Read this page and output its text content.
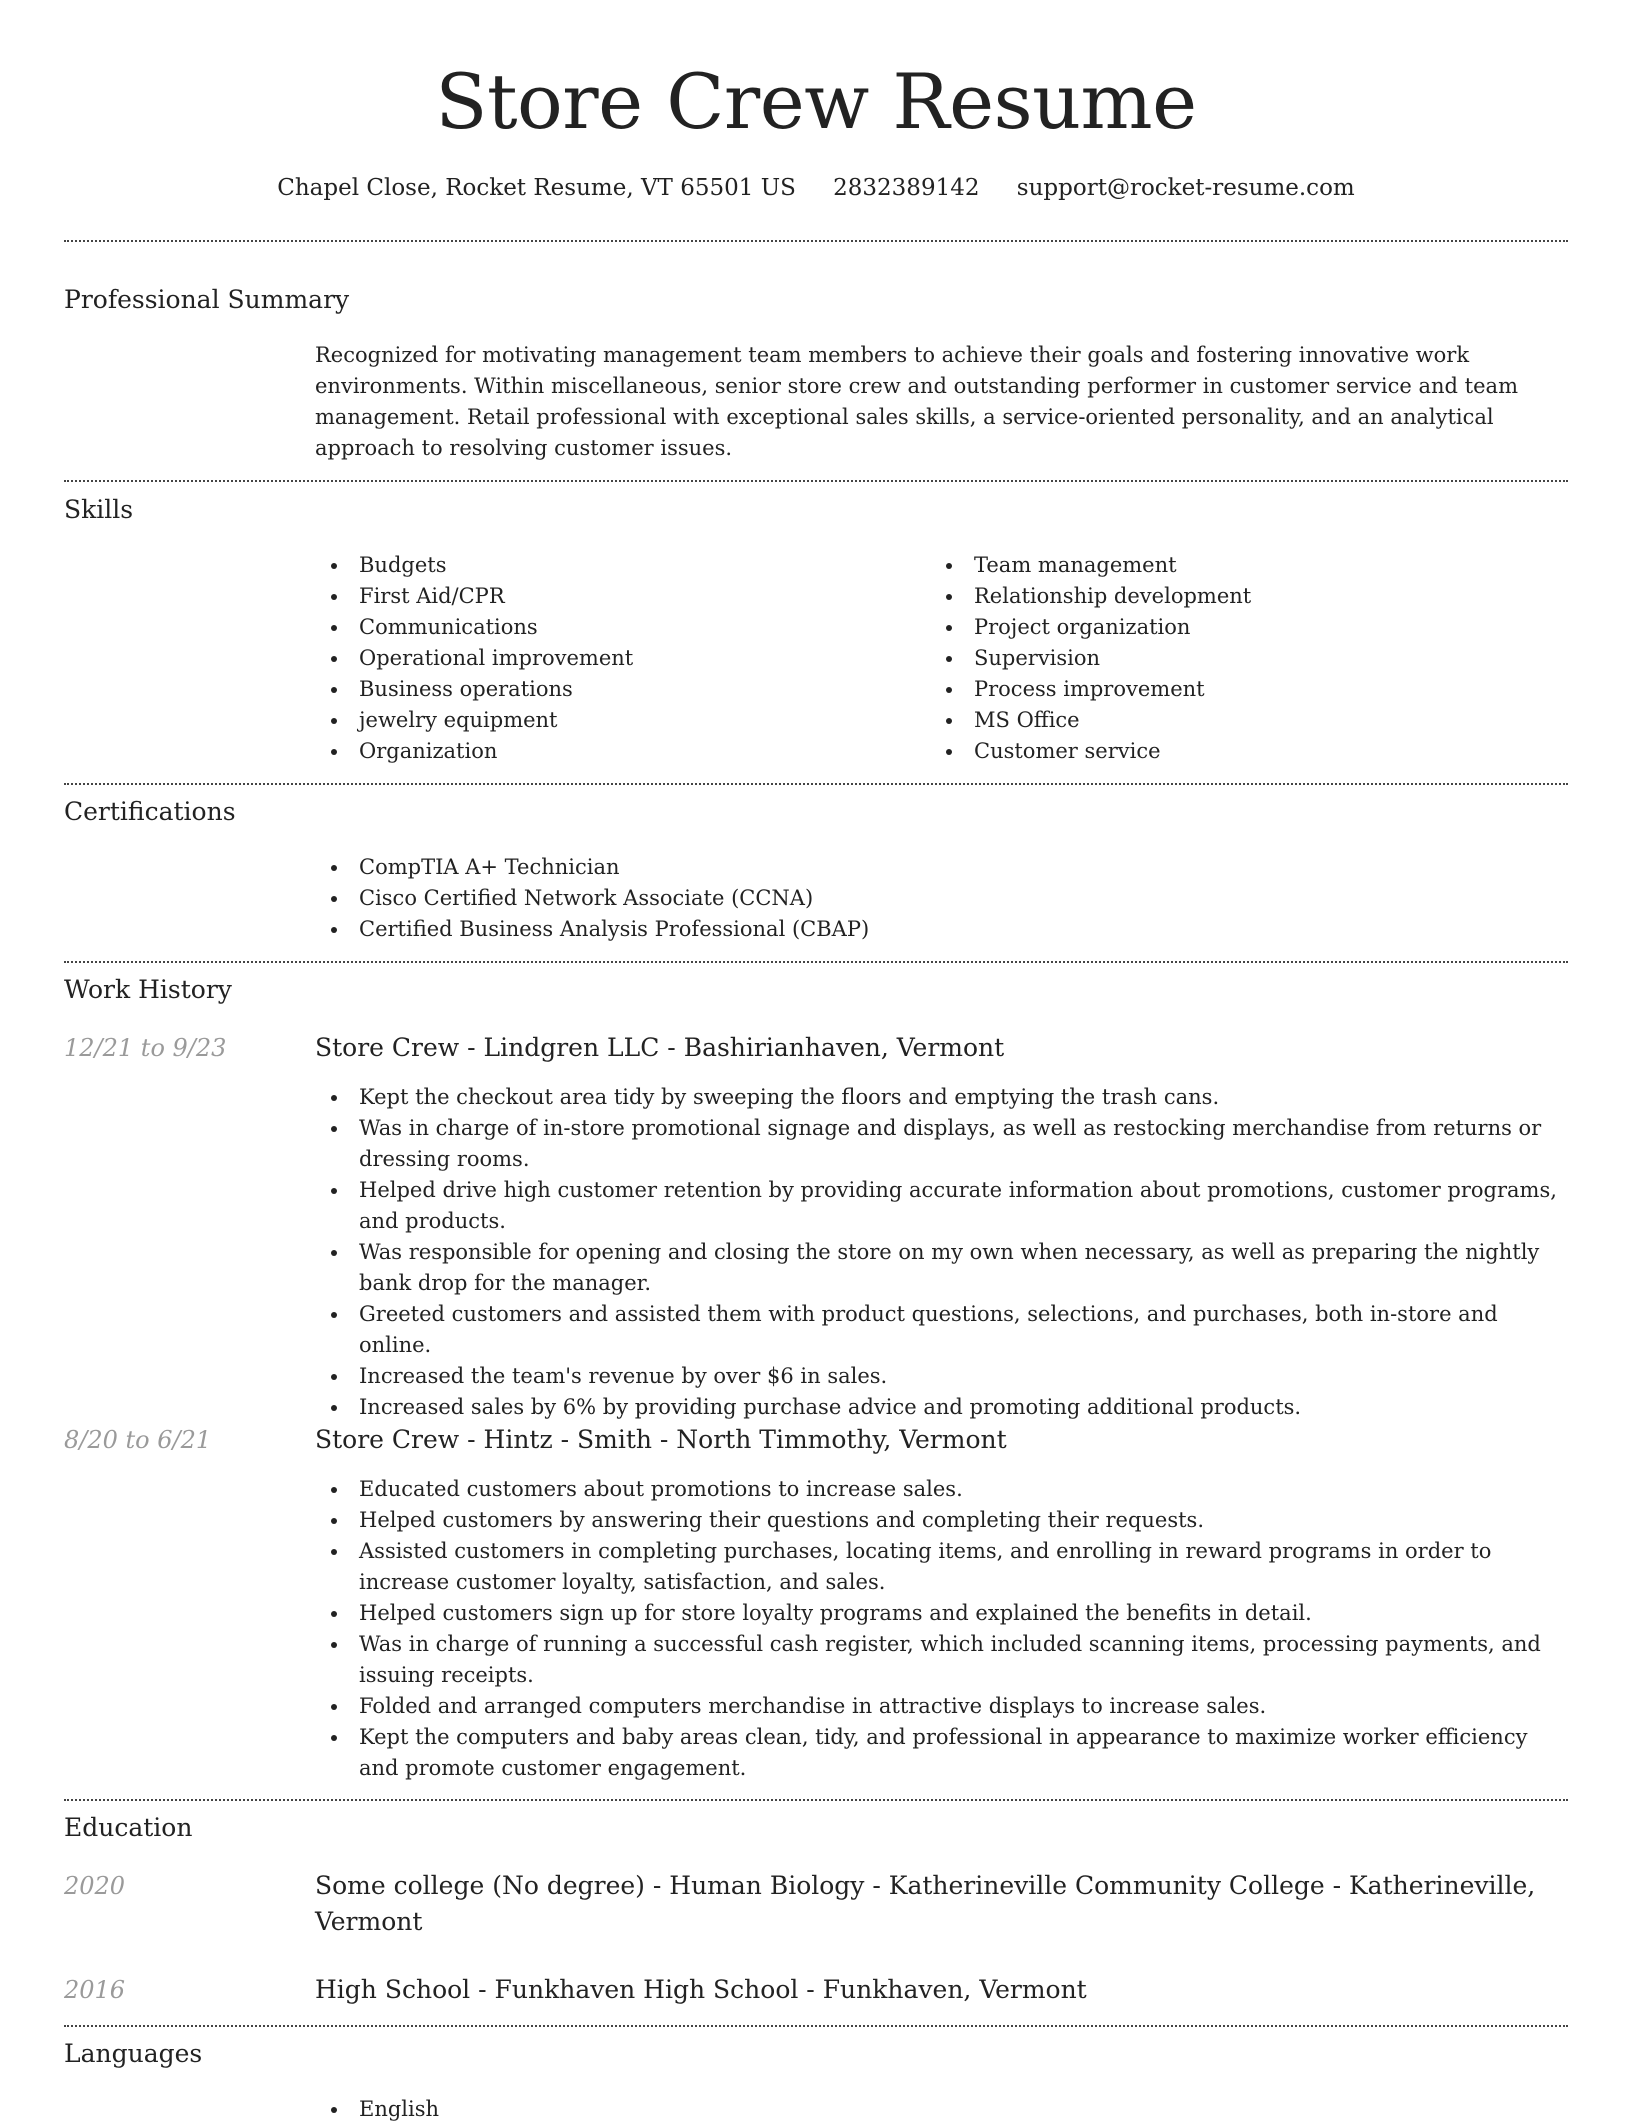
Store Crew Resume
Chapel Close, Rocket Resume, VT 65501 US 2832389142 support@rocket-resume.com
Professional Summary
Recognized for motivating management team members to achieve their goals and fostering innovative work environments. Within miscellaneous, senior store crew and outstanding performer in customer service and team management. Retail professional with exceptional sales skills, a service-oriented personality, and an analytical approach to resolving customer issues.
Skills
Budgets
First Aid/CPR
Communications
Operational improvement
Business operations
jewelry equipment
Organization
Team management
Relationship development
Project organization
Supervision
Process improvement
MS Office
Customer service
Certifications
CompTIA A+ Technician
Cisco Certified Network Associate (CCNA)
Certified Business Analysis Professional (CBAP)
Work History
12/21 to 9/23	Store Crew - Lindgren LLC - Bashirianhaven, Vermont
Kept the checkout area tidy by sweeping the floors and emptying the trash cans.
Was in charge of in-store promotional signage and displays, as well as restocking merchandise from returns or dressing rooms.
Helped drive high customer retention by providing accurate information about promotions, customer programs, and products.
Was responsible for opening and closing the store on my own when necessary, as well as preparing the nightly bank drop for the manager.
Greeted customers and assisted them with product questions, selections, and purchases, both in-store and online.
Increased the team's revenue by over $6 in sales.
Increased sales by 6% by providing purchase advice and promoting additional products.
8/20 to 6/21	Store Crew - Hintz - Smith - North Timmothy, Vermont
Educated customers about promotions to increase sales.
Helped customers by answering their questions and completing their requests.
Assisted customers in completing purchases, locating items, and enrolling in reward programs in order to increase customer loyalty, satisfaction, and sales.
Helped customers sign up for store loyalty programs and explained the benefits in detail.
Was in charge of running a successful cash register, which included scanning items, processing payments, and issuing receipts.
Folded and arranged computers merchandise in attractive displays to increase sales.
Kept the computers and baby areas clean, tidy, and professional in appearance to maximize worker efficiency and promote customer engagement.
Education
2020	Some college (No degree) - Human Biology - Katherineville Community College - Katherineville, Vermont
2016	High School - Funkhaven High School - Funkhaven, Vermont
Languages
English
